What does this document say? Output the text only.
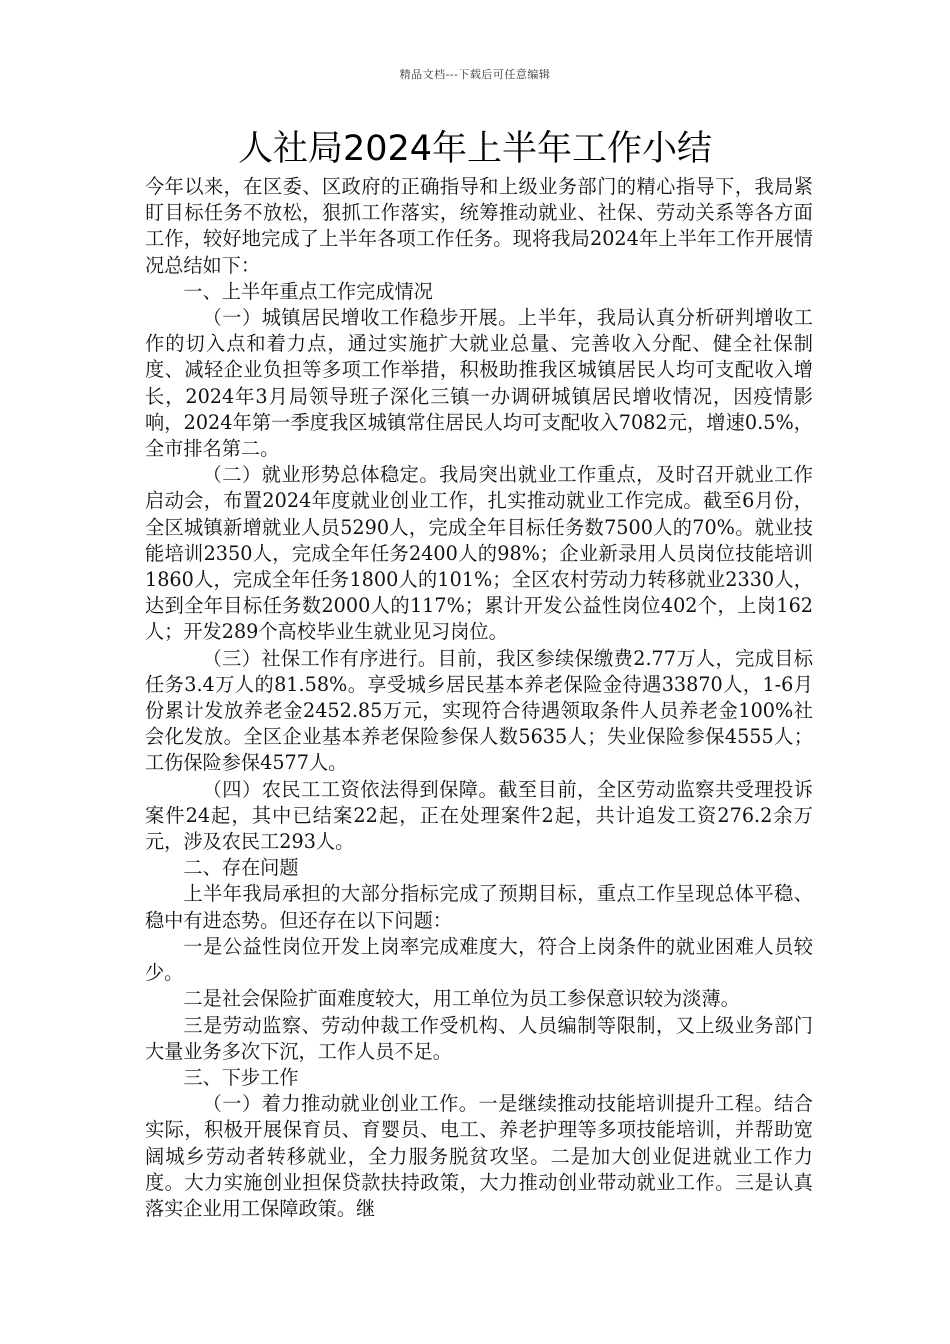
精品文档---下载后可任意编辑
人社局2024年上半年工作小结

今年以来，在区委、区政府的正确指导和上级业务部门的精心指导下，我局紧盯目标任务不放松，狠抓工作落实，统筹推动就业、社保、劳动关系等各方面工作，较好地完成了上半年各项工作任务。现将我局2024年上半年工作开展情况总结如下：

一、上半年重点工作完成情况

（一）城镇居民增收工作稳步开展。上半年，我局认真分析研判增收工作的切入点和着力点，通过实施扩大就业总量、完善收入分配、健全社保制度、减轻企业负担等多项工作举措，积极助推我区城镇居民人均可支配收入增长，2024年3月局领导班子深化三镇一办调研城镇居民增收情况，因疫情影响，2024年第一季度我区城镇常住居民人均可支配收入7082元，增速0.5%，全市排名第二。

（二）就业形势总体稳定。我局突出就业工作重点，及时召开就业工作启动会，布置2024年度就业创业工作，扎实推动就业工作完成。截至6月份，全区城镇新增就业人员5290人，完成全年目标任务数7500人的70%。就业技能培训2350人，完成全年任务2400人的98%；企业新录用人员岗位技能培训1860人，完成全年任务1800人的101%；全区农村劳动力转移就业2330人，达到全年目标任务数2000人的117%；累计开发公益性岗位402个，上岗162人；开发289个高校毕业生就业见习岗位。

（三）社保工作有序进行。目前，我区参续保缴费2.77万人，完成目标任务3.4万人的81.58%。享受城乡居民基本养老保险金待遇33870人，1-6月份累计发放养老金2452.85万元，实现符合待遇领取条件人员养老金100%社会化发放。全区企业基本养老保险参保人数5635人；失业保险参保4555人；工伤保险参保4577人。

（四）农民工工资依法得到保障。截至目前，全区劳动监察共受理投诉案件24起，其中已结案22起，正在处理案件2起，共计追发工资276.2余万元，涉及农民工293人。

二、存在问题

上半年我局承担的大部分指标完成了预期目标，重点工作呈现总体平稳、稳中有进态势。但还存在以下问题：

一是公益性岗位开发上岗率完成难度大，符合上岗条件的就业困难人员较少。

二是社会保险扩面难度较大，用工单位为员工参保意识较为淡薄。

三是劳动监察、劳动仲裁工作受机构、人员编制等限制，又上级业务部门大量业务多次下沉，工作人员不足。

三、下步工作

（一）着力推动就业创业工作。一是继续推动技能培训提升工程。结合实际，积极开展保育员、育婴员、电工、养老护理等多项技能培训，并帮助宽阔城乡劳动者转移就业，全力服务脱贫攻坚。二是加大创业促进就业工作力度。大力实施创业担保贷款扶持政策，大力推动创业带动就业工作。三是认真落实企业用工保障政策。继
